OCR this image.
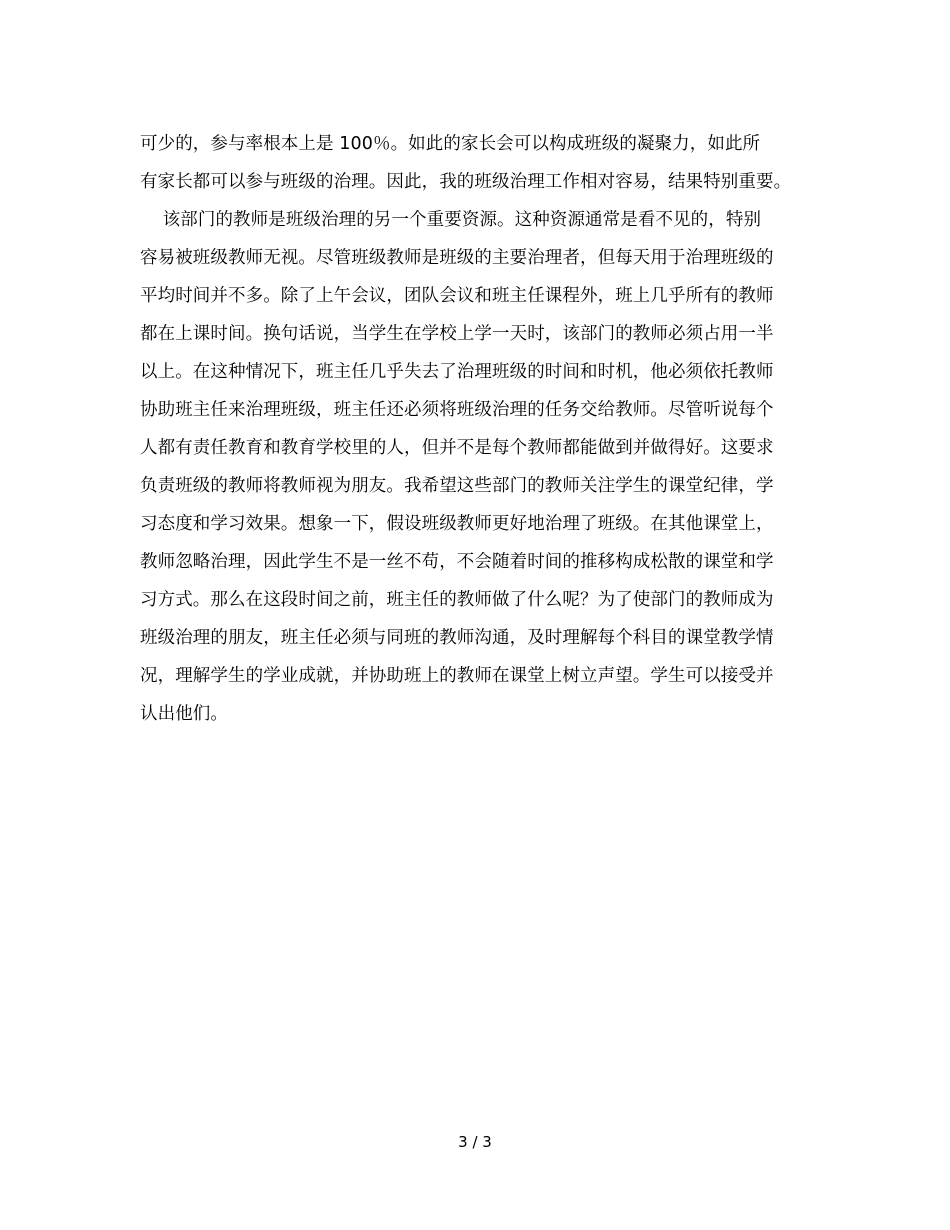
可少的，参与率根本上是 100％。如此的家长会可以构成班级的凝聚力，如此所
有家长都可以参与班级的治理。因此，我的班级治理工作相对容易，结果特别重要。
该部门的教师是班级治理的另一个重要资源。这种资源通常是看不见的，特别
容易被班级教师无视。尽管班级教师是班级的主要治理者，但每天用于治理班级的
平均时间并不多。除了上午会议，团队会议和班主任课程外，班上几乎所有的教师
都在上课时间。换句话说，当学生在学校上学一天时，该部门的教师必须占用一半
以上。在这种情况下，班主任几乎失去了治理班级的时间和时机，他必须依托教师
协助班主任来治理班级，班主任还必须将班级治理的任务交给教师。尽管听说每个
人都有责任教育和教育学校里的人，但并不是每个教师都能做到并做得好。这要求
负责班级的教师将教师视为朋友。我希望这些部门的教师关注学生的课堂纪律，学
习态度和学习效果。想象一下，假设班级教师更好地治理了班级。在其他课堂上，
教师忽略治理，因此学生不是一丝不苟，不会随着时间的推移构成松散的课堂和学
习方式。那么在这段时间之前，班主任的教师做了什么呢？为了使部门的教师成为
班级治理的朋友，班主任必须与同班的教师沟通，及时理解每个科目的课堂教学情
况，理解学生的学业成就，并协助班上的教师在课堂上树立声望。学生可以接受并
认出他们。
3 / 3
